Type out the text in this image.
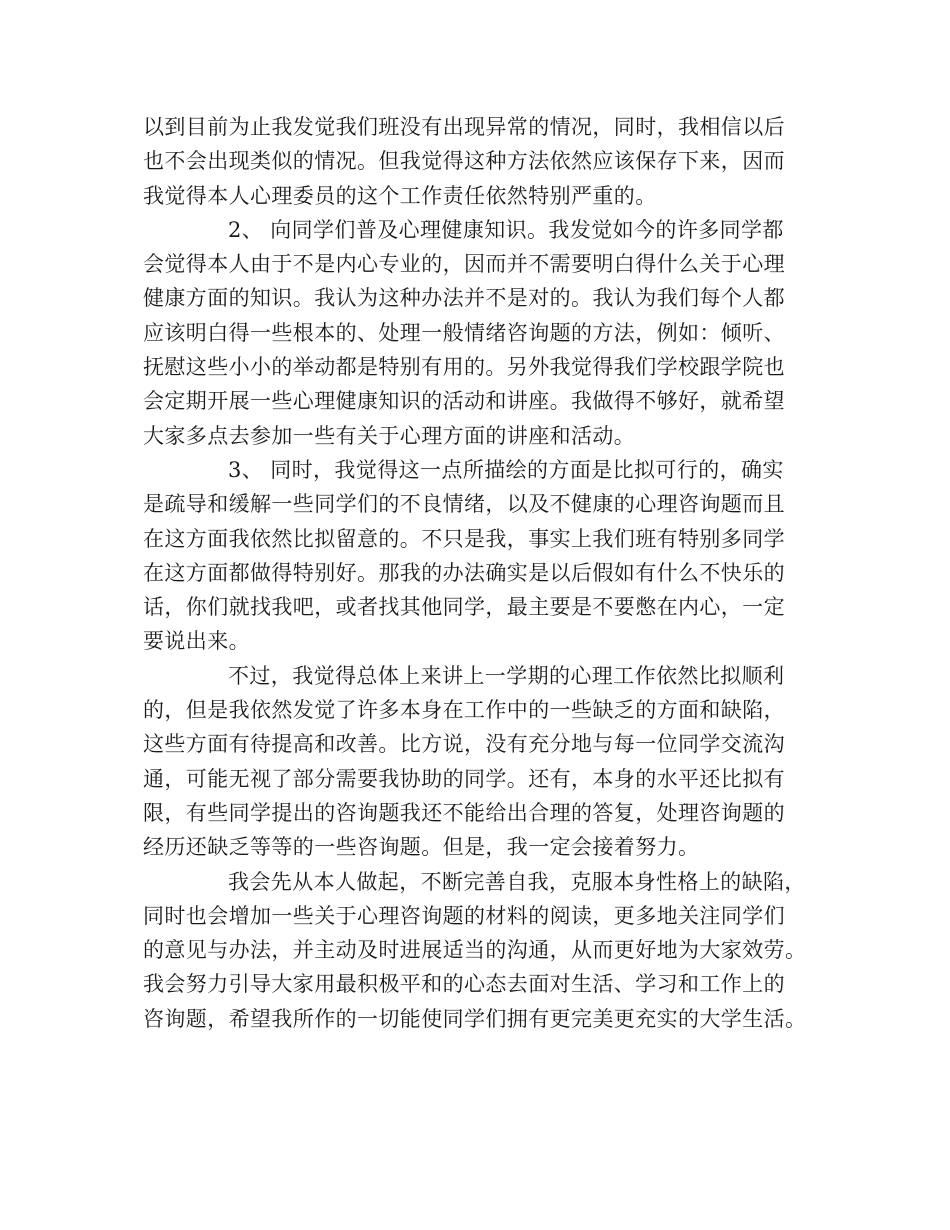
以到目前为止我发觉我们班没有出现异常的情况，同时，我相信以后
也不会出现类似的情况。但我觉得这种方法依然应该保存下来，因而
我觉得本人心理委员的这个工作责任依然特别严重的。
2、 向同学们普及心理健康知识。我发觉如今的许多同学都
会觉得本人由于不是内心专业的，因而并不需要明白得什么关于心理
健康方面的知识。我认为这种办法并不是对的。我认为我们每个人都
应该明白得一些根本的、处理一般情绪咨询题的方法，例如：倾听、
抚慰这些小小的举动都是特别有用的。另外我觉得我们学校跟学院也
会定期开展一些心理健康知识的活动和讲座。我做得不够好，就希望
大家多点去参加一些有关于心理方面的讲座和活动。
3、 同时，我觉得这一点所描绘的方面是比拟可行的，确实
是疏导和缓解一些同学们的不良情绪，以及不健康的心理咨询题而且
在这方面我依然比拟留意的。不只是我，事实上我们班有特别多同学
在这方面都做得特别好。那我的办法确实是以后假如有什么不快乐的
话，你们就找我吧，或者找其他同学，最主要是不要憋在内心，一定
要说出来。
不过，我觉得总体上来讲上一学期的心理工作依然比拟顺利
的，但是我依然发觉了许多本身在工作中的一些缺乏的方面和缺陷，
这些方面有待提高和改善。比方说，没有充分地与每一位同学交流沟
通，可能无视了部分需要我协助的同学。还有，本身的水平还比拟有
限，有些同学提出的咨询题我还不能给出合理的答复，处理咨询题的
经历还缺乏等等的一些咨询题。但是，我一定会接着努力。
我会先从本人做起，不断完善自我，克服本身性格上的缺陷，
同时也会增加一些关于心理咨询题的材料的阅读，更多地关注同学们
的意见与办法，并主动及时进展适当的沟通，从而更好地为大家效劳。
我会努力引导大家用最积极平和的心态去面对生活、学习和工作上的
咨询题，希望我所作的一切能使同学们拥有更完美更充实的大学生活。
